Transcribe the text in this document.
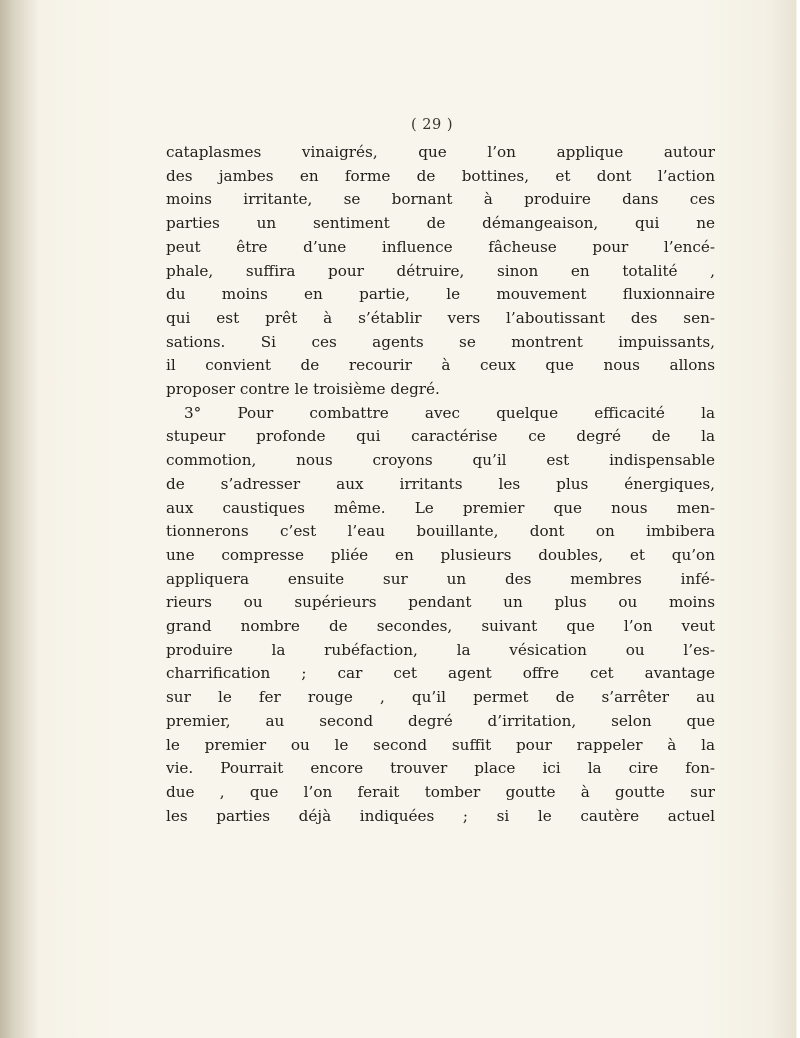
( 29 )
cataplasmes vinaigrés, que l’on applique autour
des jambes en forme de bottines, et dont l’action
moins irritante, se bornant à produire dans ces
parties un sentiment de démangeaison, qui ne
peut être d’une influence fâcheuse pour l’encé-
phale, suffira pour détruire, sinon en totalité ,
du moins en partie, le mouvement fluxionnaire
qui est prêt à s’établir vers l’aboutissant des sen-
sations. Si ces agents se montrent impuissants,
il convient de recourir à ceux que nous allons
proposer contre le troisième degré.
3° Pour combattre avec quelque efficacité la
stupeur profonde qui caractérise ce degré de la
commotion, nous croyons qu’il est indispensable
de s’adresser aux irritants les plus énergiques,
aux caustiques même. Le premier que nous men-
tionnerons c’est l’eau bouillante, dont on imbibera
une compresse pliée en plusieurs doubles, et qu’on
appliquera ensuite sur un des membres infé-
rieurs ou supérieurs pendant un plus ou moins
grand nombre de secondes, suivant que l’on veut
produire la rubéfaction, la vésication ou l’es-
charrification ; car cet agent offre cet avantage
sur le fer rouge , qu’il permet de s’arrêter au
premier, au second degré d’irritation, selon que
le premier ou le second suffit pour rappeler à la
vie. Pourrait encore trouver place ici la cire fon-
due , que l’on ferait tomber goutte à goutte sur
les parties déjà indiquées ; si le cautère actuel
